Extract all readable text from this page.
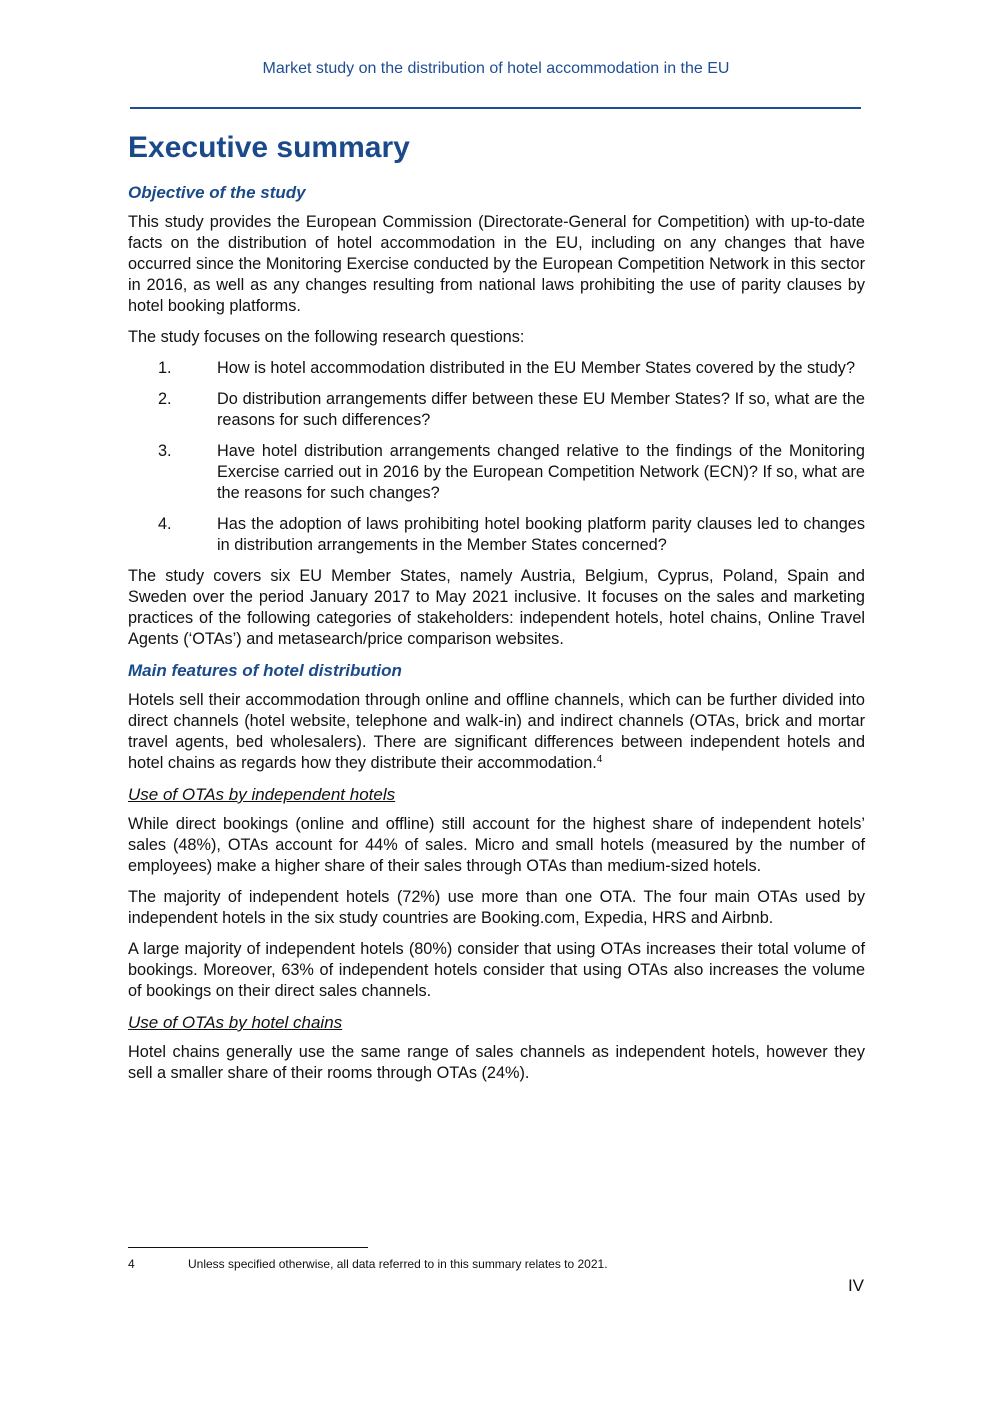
Market study on the distribution of hotel accommodation in the EU
Executive summary
Objective of the study

This study provides the European Commission (Directorate-General for Competition) with up-to-date facts on the distribution of hotel accommodation in the EU, including on any changes that have occurred since the Monitoring Exercise conducted by the European Competition Network in this sector in 2016, as well as any changes resulting from national laws prohibiting the use of parity clauses by hotel booking platforms.

The study focuses on the following research questions:

1.	How is hotel accommodation distributed in the EU Member States covered by the study?
2.	Do distribution arrangements differ between these EU Member States? If so, what are the reasons for such differences?
3.	Have hotel distribution arrangements changed relative to the findings of the Monitoring Exercise carried out in 2016 by the European Competition Network (ECN)? If so, what are the reasons for such changes?
4.	Has the adoption of laws prohibiting hotel booking platform parity clauses led to changes in distribution arrangements in the Member States concerned?

The study covers six EU Member States, namely Austria, Belgium, Cyprus, Poland, Spain and Sweden over the period January 2017 to May 2021 inclusive. It focuses on the sales and marketing practices of the following categories of stakeholders: independent hotels, hotel chains, Online Travel Agents (‘OTAs’) and metasearch/price comparison websites.

Main features of hotel distribution

Hotels sell their accommodation through online and offline channels, which can be further divided into direct channels (hotel website, telephone and walk-in) and indirect channels (OTAs, brick and mortar travel agents, bed wholesalers). There are significant differences between independent hotels and hotel chains as regards how they distribute their accommodation.$^4$

Use of OTAs by independent hotels

While direct bookings (online and offline) still account for the highest share of independent hotels’ sales (48%), OTAs account for 44% of sales. Micro and small hotels (measured by the number of employees) make a higher share of their sales through OTAs than medium-sized hotels.

The majority of independent hotels (72%) use more than one OTA. The four main OTAs used by independent hotels in the six study countries are Booking.com, Expedia, HRS and Airbnb.

A large majority of independent hotels (80%) consider that using OTAs increases their total volume of bookings. Moreover, 63% of independent hotels consider that using OTAs also increases the volume of bookings on their direct sales channels.

Use of OTAs by hotel chains

Hotel chains generally use the same range of sales channels as independent hotels, however they sell a smaller share of their rooms through OTAs (24%).

4	Unless specified otherwise, all data referred to in this summary relates to 2021.
IV
